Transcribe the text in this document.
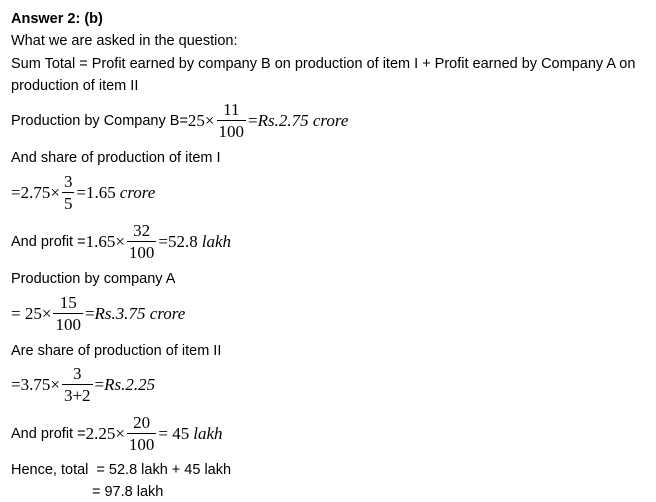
Answer 2: (b)
What we are asked in the question:
Sum Total = Profit earned by company B on production of item I + Profit earned by Company A on
production of item II
Production by Company $B= 25\times \frac{11}{100} = Rs.2.75$ crore
And share of production of item I
$=2.75\times \frac{3}{5} =1.65$ crore
And profit = $1.65\times \frac{32}{100} =52.8$ lakh
Production by company A
= $25\times \frac{15}{100} = Rs.3.75$ crore
Are share of production of item II
$=3.75\times \frac{3}{3+2} = Rs.2.25$
And profit = $2.25\times \frac{20}{100} = 45$ lakh
Hence, total  = 52.8 lakh + 45 lakh
= 97.8 lakh
